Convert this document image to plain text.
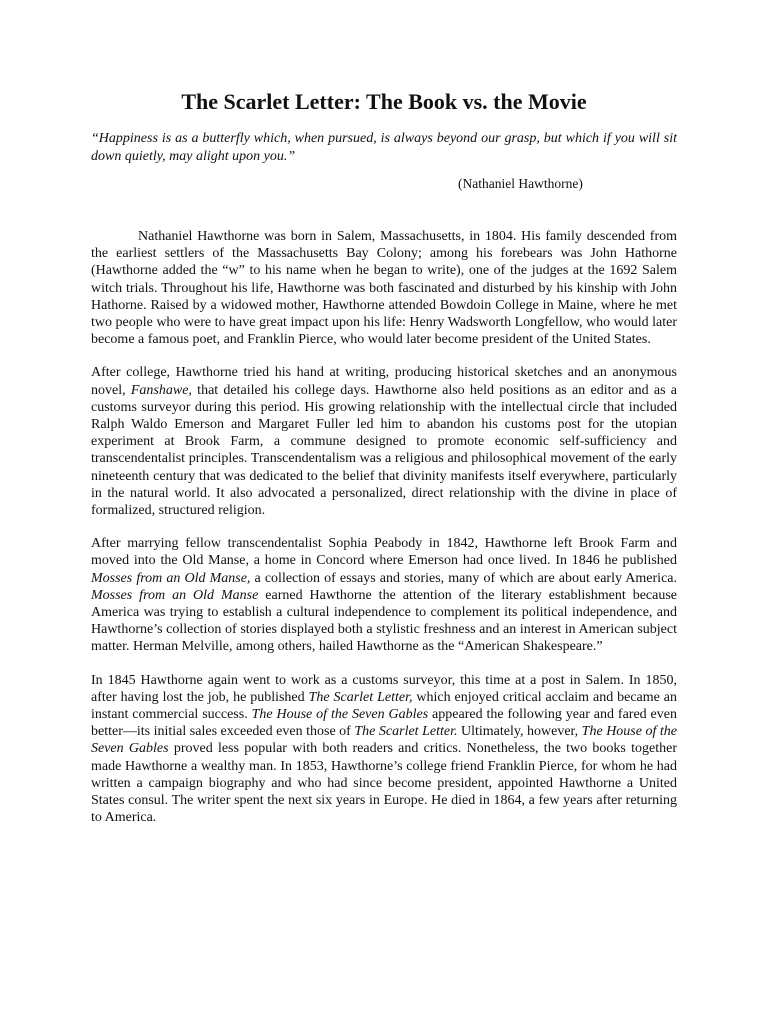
The Scarlet Letter: The Book vs. the Movie

“Happiness is as a butterfly which, when pursued, is always beyond our grasp, but which if you will sit down quietly, may alight upon you.”

(Nathaniel Hawthorne)

Nathaniel Hawthorne was born in Salem, Massachusetts, in 1804. His family descended from the earliest settlers of the Massachusetts Bay Colony; among his forebears was John Hathorne (Hawthorne added the “w” to his name when he began to write), one of the judges at the 1692 Salem witch trials. Throughout his life, Hawthorne was both fascinated and disturbed by his kinship with John Hathorne. Raised by a widowed mother, Hawthorne attended Bowdoin College in Maine, where he met two people who were to have great impact upon his life: Henry Wadsworth Longfellow, who would later become a famous poet, and Franklin Pierce, who would later become president of the United States.

After college, Hawthorne tried his hand at writing, producing historical sketches and an anonymous novel, Fanshawe, that detailed his college days. Hawthorne also held positions as an editor and as a customs surveyor during this period. His growing relationship with the intellectual circle that included Ralph Waldo Emerson and Margaret Fuller led him to abandon his customs post for the utopian experiment at Brook Farm, a commune designed to promote economic self-sufficiency and transcendentalist principles. Transcendentalism was a religious and philosophical movement of the early nineteenth century that was dedicated to the belief that divinity manifests itself everywhere, particularly in the natural world. It also advocated a personalized, direct relationship with the divine in place of formalized, structured religion.

After marrying fellow transcendentalist Sophia Peabody in 1842, Hawthorne left Brook Farm and moved into the Old Manse, a home in Concord where Emerson had once lived. In 1846 he published Mosses from an Old Manse, a collection of essays and stories, many of which are about early America. Mosses from an Old Manse earned Hawthorne the attention of the literary establishment because America was trying to establish a cultural independence to complement its political independence, and Hawthorne’s collection of stories displayed both a stylistic freshness and an interest in American subject matter. Herman Melville, among others, hailed Hawthorne as the “American Shakespeare.”

In 1845 Hawthorne again went to work as a customs surveyor, this time at a post in Salem. In 1850, after having lost the job, he published The Scarlet Letter, which enjoyed critical acclaim and became an instant commercial success. The House of the Seven Gables appeared the following year and fared even better—its initial sales exceeded even those of The Scarlet Letter. Ultimately, however, The House of the Seven Gables proved less popular with both readers and critics. Nonetheless, the two books together made Hawthorne a wealthy man. In 1853, Hawthorne’s college friend Franklin Pierce, for whom he had written a campaign biography and who had since become president, appointed Hawthorne a United States consul. The writer spent the next six years in Europe. He died in 1864, a few years after returning to America.
